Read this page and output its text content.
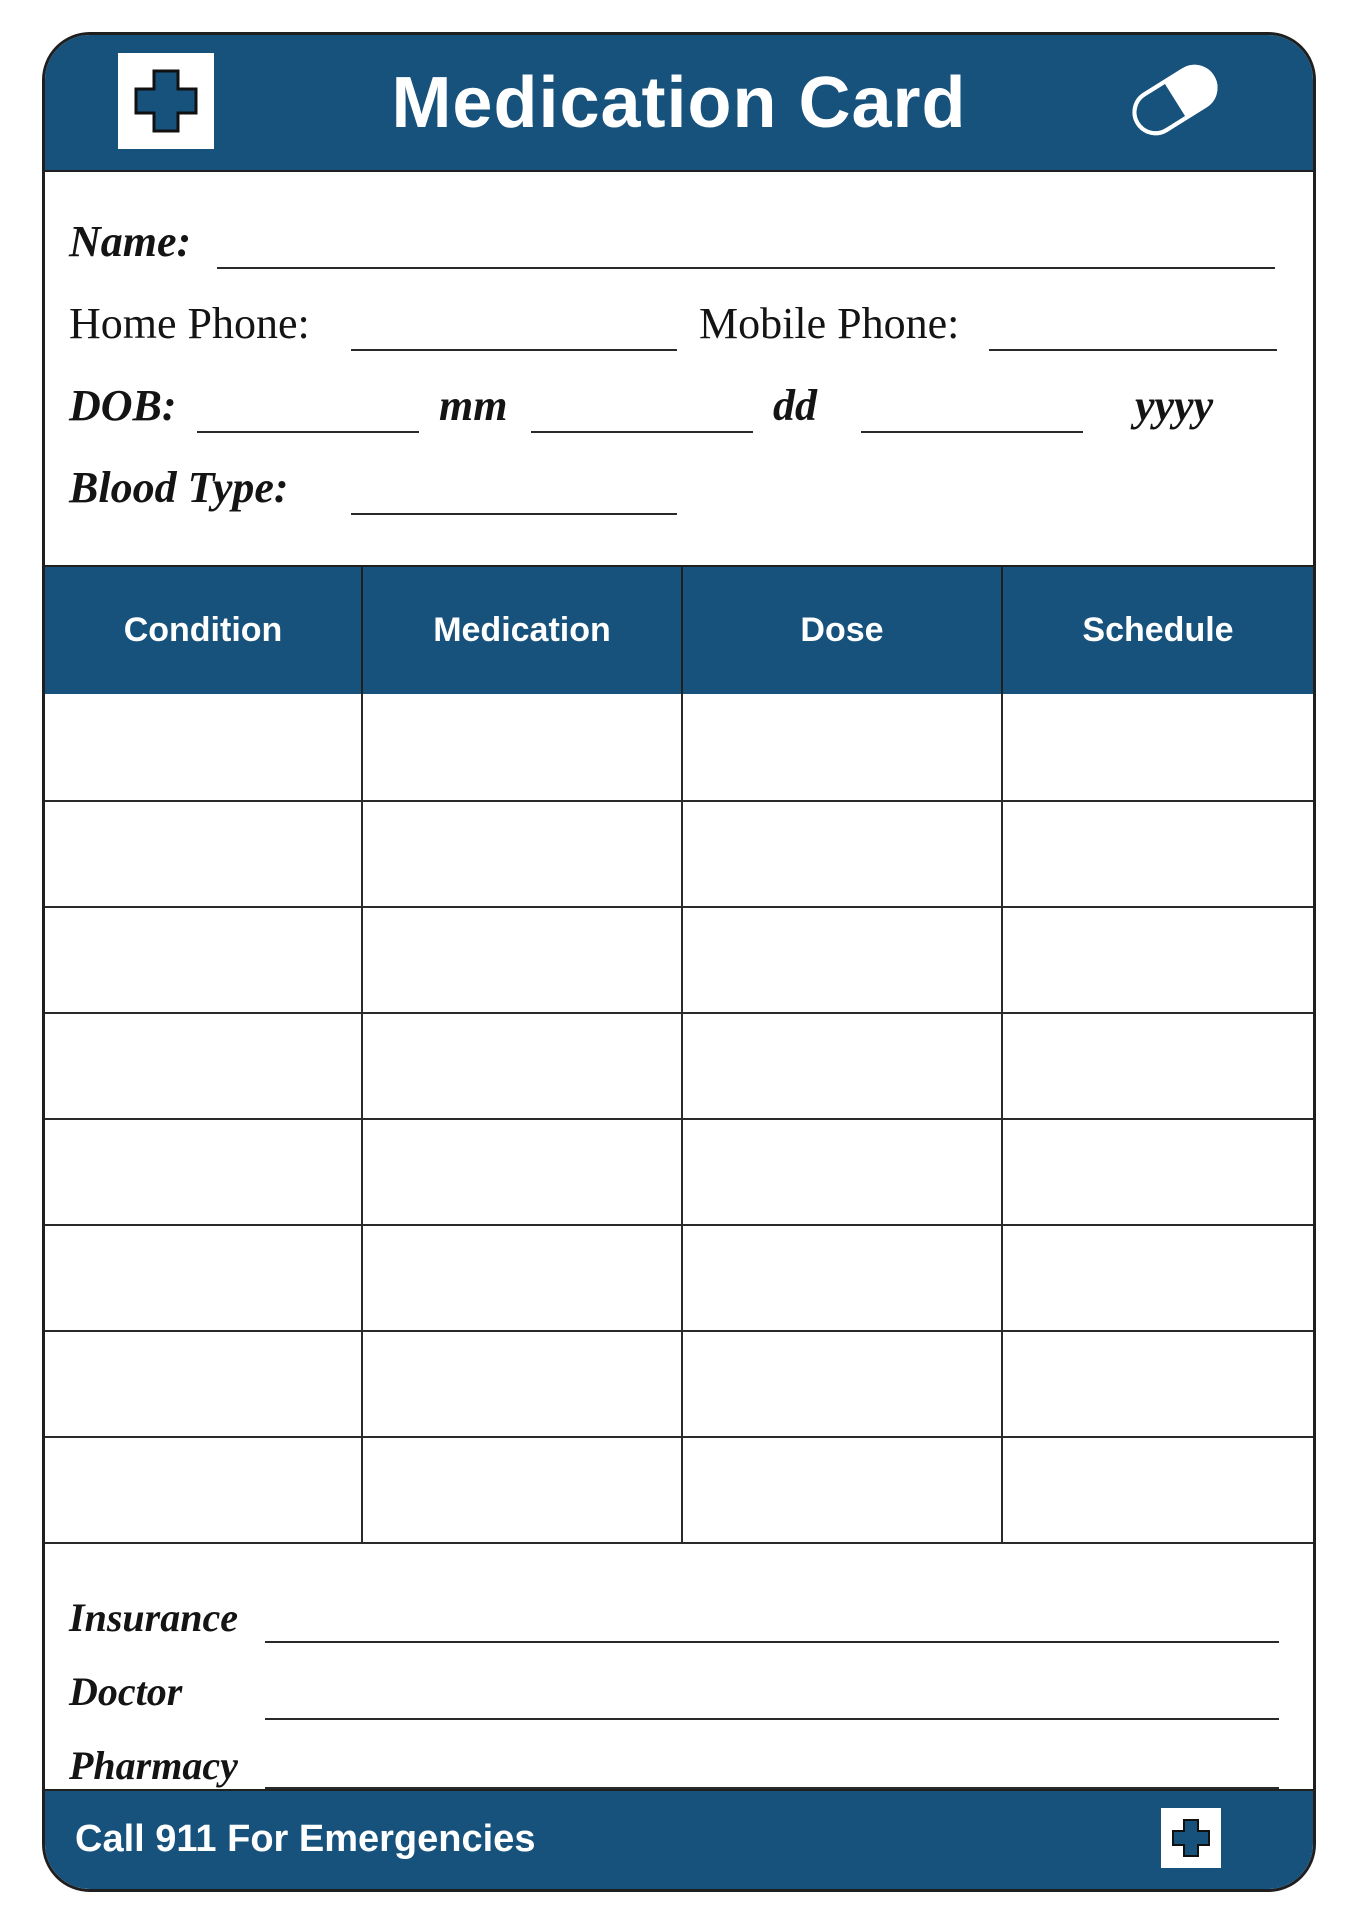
Medication Card
Name:
Home Phone:	Mobile Phone:
DOB:	mm	dd	yyyy
Blood Type:
Condition	Medication	Dose	Schedule
Insurance
Doctor
Pharmacy
Call 911 For Emergencies
